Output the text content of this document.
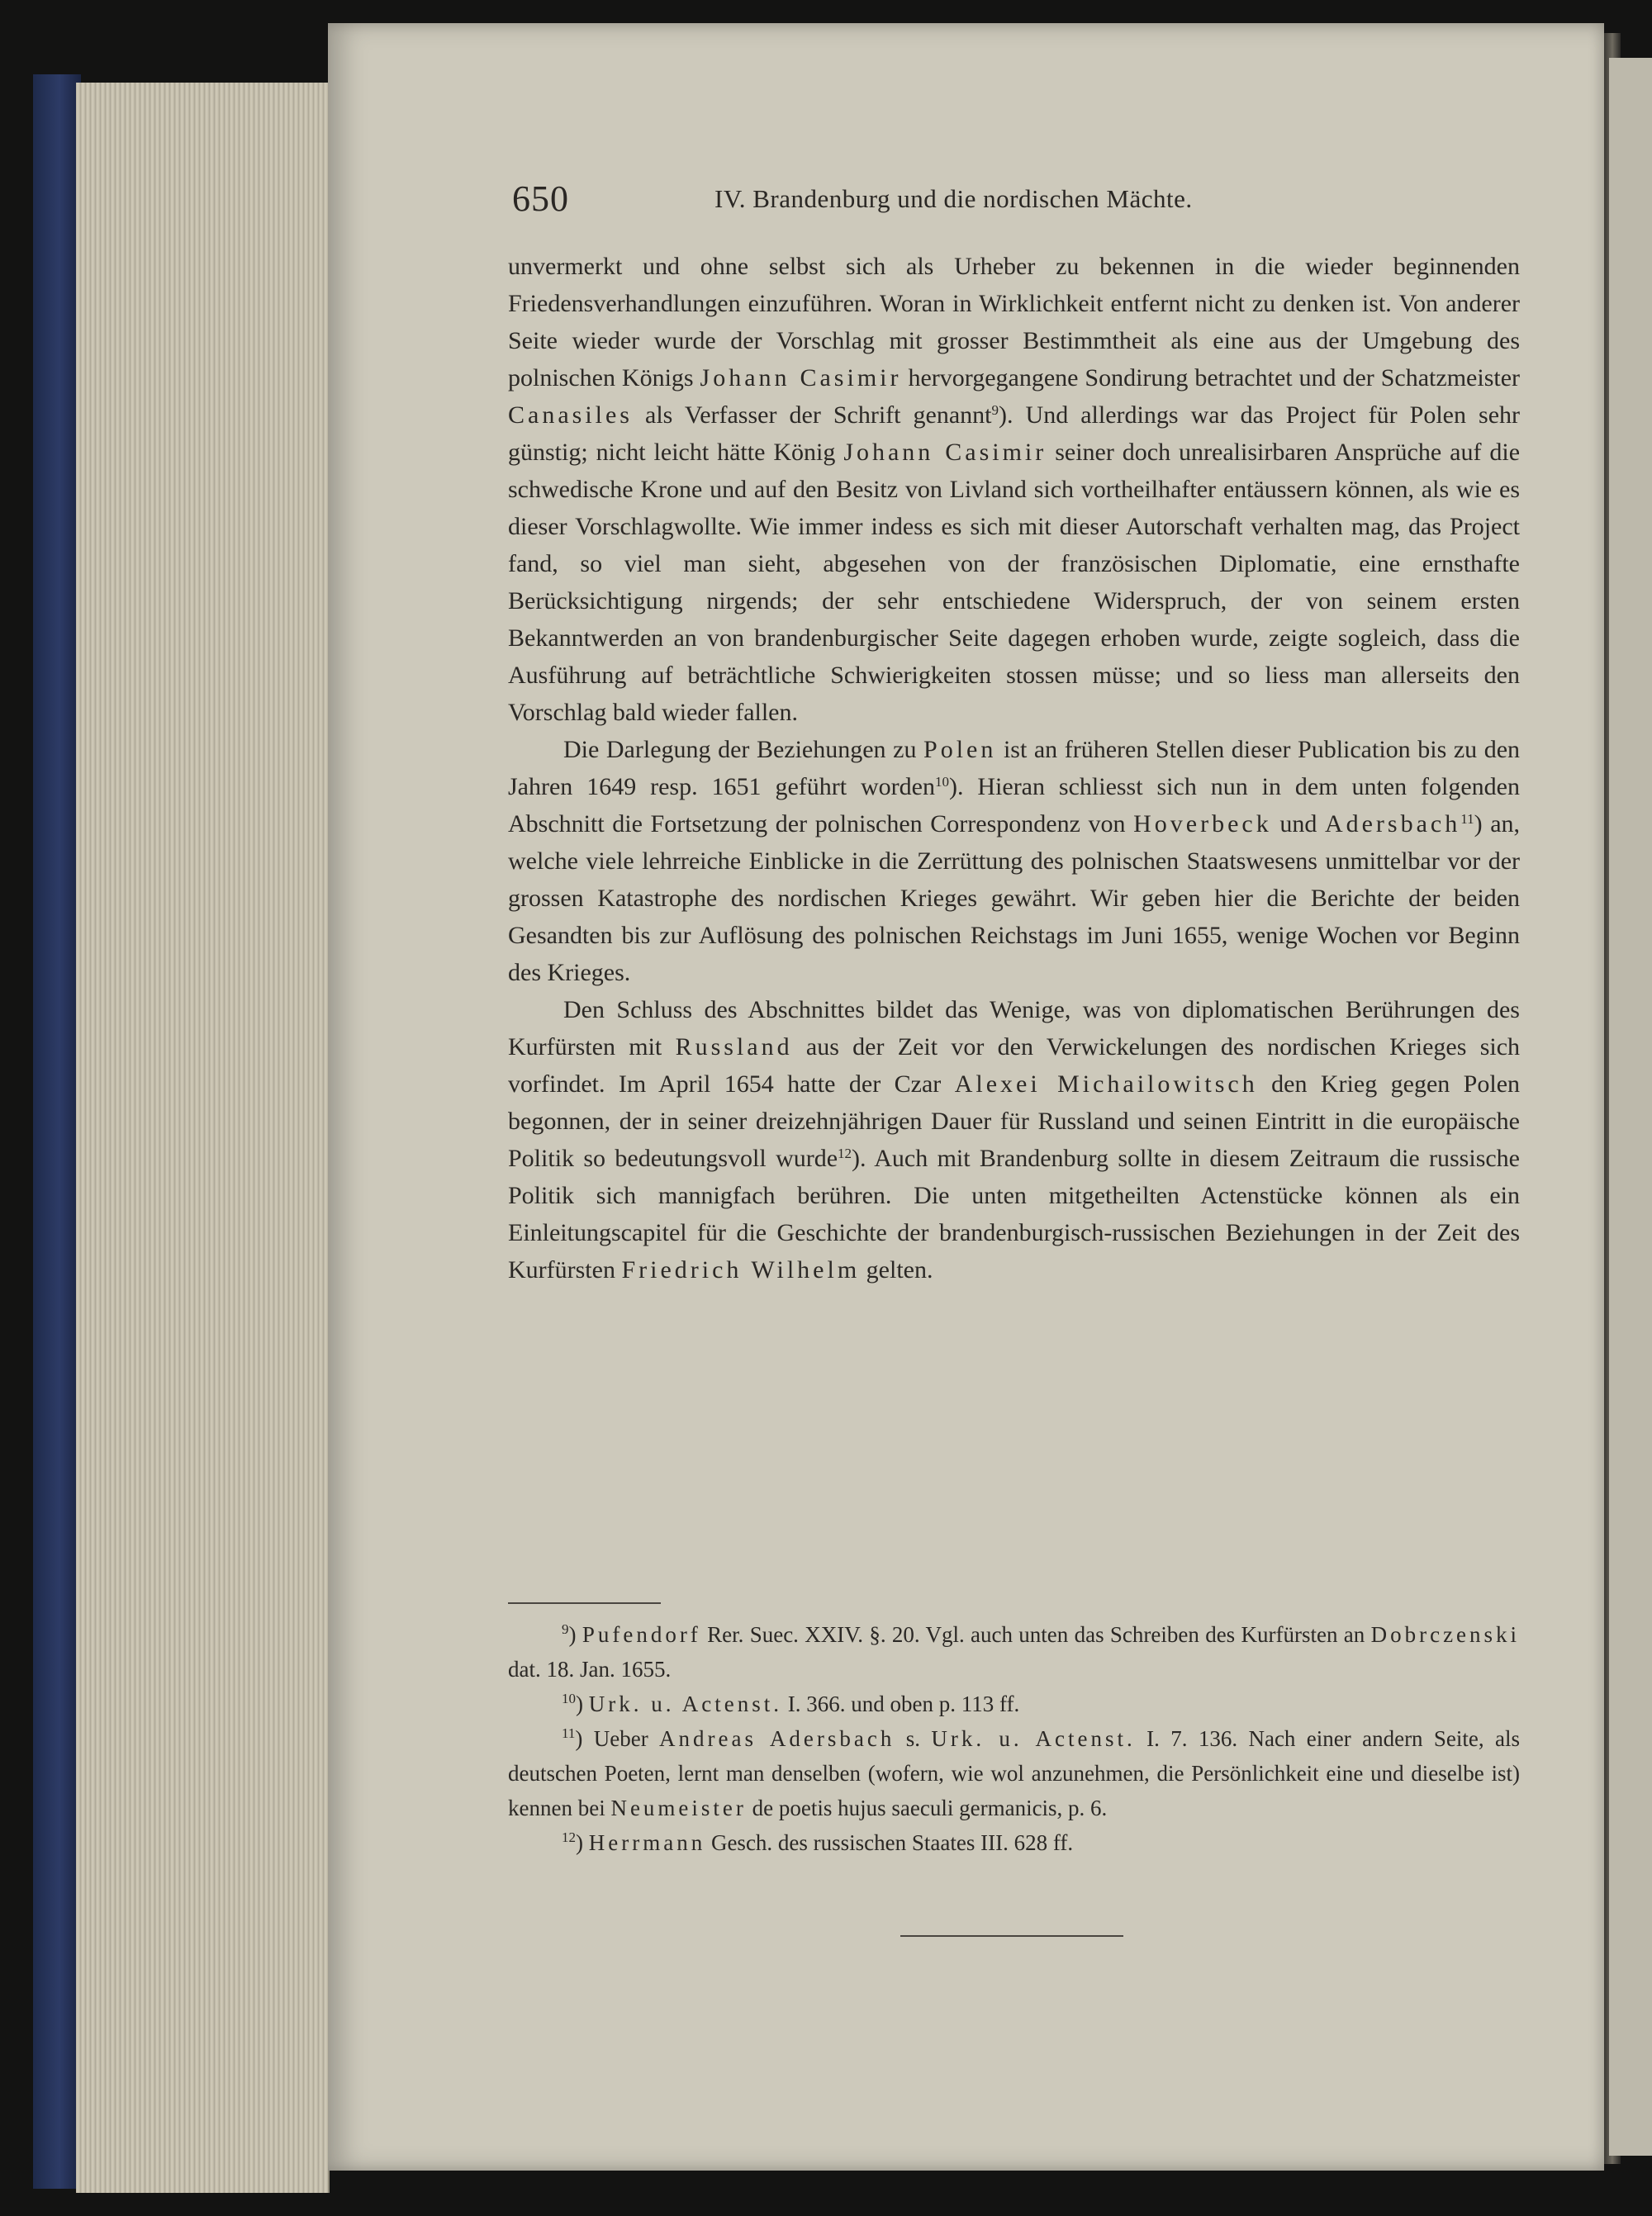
650	IV. Brandenburg und die nordischen Mächte.

unvermerkt und ohne selbst sich als Urheber zu bekennen in die wieder beginnenden Friedensverhandlungen einzuführen. Woran in Wirklichkeit entfernt nicht zu denken ist. Von anderer Seite wieder wurde der Vorschlag mit grosser Bestimmtheit als eine aus der Umgebung des polnischen Königs Johann Casimir hervorgegangene Sondirung betrachtet und der Schatzmeister Canasiles als Verfasser der Schrift genannt$^9$). Und allerdings war das Project für Polen sehr günstig; nicht leicht hätte König Johann Casimir seiner doch unrealisirbaren Ansprüche auf die schwedische Krone und auf den Besitz von Livland sich vortheilhafter entäussern können, als wie es dieser Vorschlagwollte. Wie immer indess es sich mit dieser Autorschaft verhalten mag, das Project fand, so viel man sieht, abgesehen von der französischen Diplomatie, eine ernsthafte Berücksichtigung nirgends; der sehr entschiedene Widerspruch, der von seinem ersten Bekanntwerden an von brandenburgischer Seite dagegen erhoben wurde, zeigte sogleich, dass die Ausführung auf beträchtliche Schwierigkeiten stossen müsse; und so liess man allerseits den Vorschlag bald wieder fallen.

Die Darlegung der Beziehungen zu Polen ist an früheren Stellen dieser Publication bis zu den Jahren 1649 resp. 1651 geführt worden$^{10}$). Hieran schliesst sich nun in dem unten folgenden Abschnitt die Fortsetzung der polnischen Correspondenz von Hoverbeck und Adersbach$^{11}$) an, welche viele lehrreiche Einblicke in die Zerrüttung des polnischen Staatswesens unmittelbar vor der grossen Katastrophe des nordischen Krieges gewährt. Wir geben hier die Berichte der beiden Gesandten bis zur Auflösung des polnischen Reichstags im Juni 1655, wenige Wochen vor Beginn des Krieges.

Den Schluss des Abschnittes bildet das Wenige, was von diplomatischen Berührungen des Kurfürsten mit Russland aus der Zeit vor den Verwickelungen des nordischen Krieges sich vorfindet. Im April 1654 hatte der Czar Alexei Michailowitsch den Krieg gegen Polen begonnen, der in seiner dreizehnjährigen Dauer für Russland und seinen Eintritt in die europäische Politik so bedeutungsvoll wurde$^{12}$). Auch mit Brandenburg sollte in diesem Zeitraum die russische Politik sich mannigfach berühren. Die unten mitgetheilten Actenstücke können als ein Einleitungscapitel für die Geschichte der brandenburgisch-russischen Beziehungen in der Zeit des Kurfürsten Friedrich Wilhelm gelten.

$^9$) Pufendorf Rer. Suec. XXIV. §. 20. Vgl. auch unten das Schreiben des Kurfürsten an Dobrczenski dat. 18. Jan. 1655.

$^{10}$) Urk. u. Actenst. I. 366. und oben p. 113 ff.

$^{11}$) Ueber Andreas Adersbach s. Urk. u. Actenst. I. 7. 136. Nach einer andern Seite, als deutschen Poeten, lernt man denselben (wofern, wie wol anzunehmen, die Persönlichkeit eine und dieselbe ist) kennen bei Neumeister de poetis hujus saeculi germanicis, p. 6.

$^{12}$) Herrmann Gesch. des russischen Staates III. 628 ff.
